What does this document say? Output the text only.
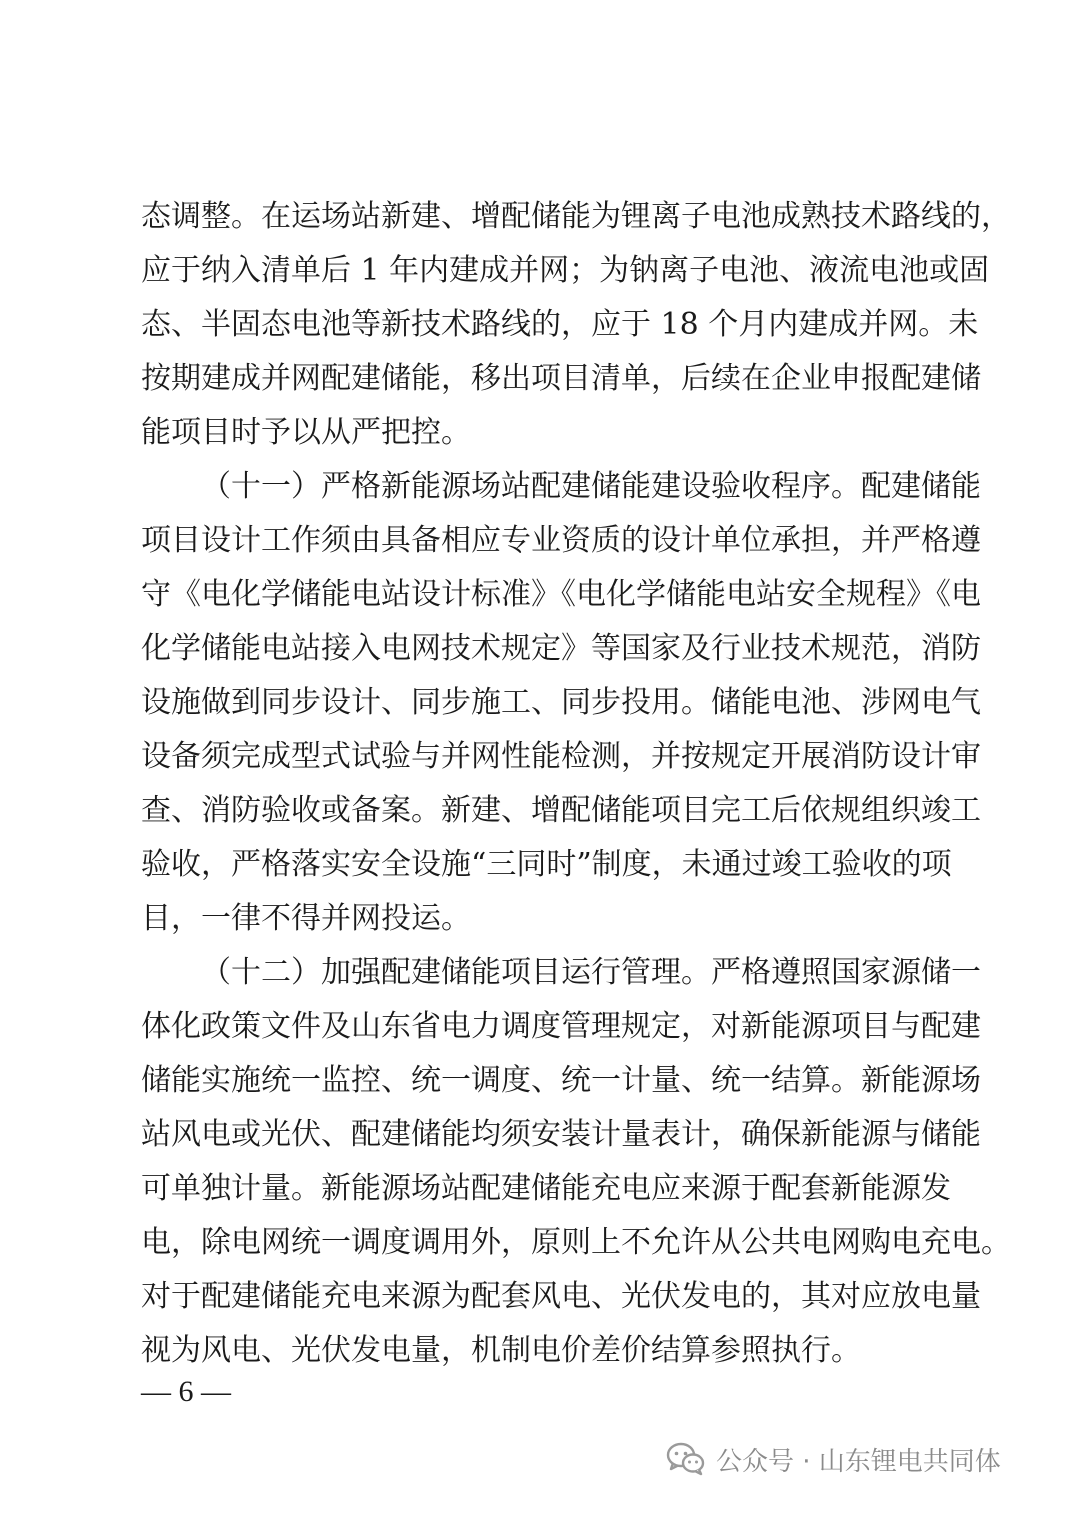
态调整。在运场站新建、增配储能为锂离子电池成熟技术路线的，
应于纳入清单后 1 年内建成并网；为钠离子电池、液流电池或固
态、半固态电池等新技术路线的，应于 18 个月内建成并网。未
按期建成并网配建储能，移出项目清单，后续在企业申报配建储
能项目时予以从严把控。
（十一）严格新能源场站配建储能建设验收程序。配建储能
项目设计工作须由具备相应专业资质的设计单位承担，并严格遵
守《电化学储能电站设计标准》《电化学储能电站安全规程》《电
化学储能电站接入电网技术规定》等国家及行业技术规范，消防
设施做到同步设计、同步施工、同步投用。储能电池、涉网电气
设备须完成型式试验与并网性能检测，并按规定开展消防设计审
查、消防验收或备案。新建、增配储能项目完工后依规组织竣工
验收，严格落实安全设施“三同时”制度，未通过竣工验收的项
目，一律不得并网投运。
（十二）加强配建储能项目运行管理。严格遵照国家源储一
体化政策文件及山东省电力调度管理规定，对新能源项目与配建
储能实施统一监控、统一调度、统一计量、统一结算。新能源场
站风电或光伏、配建储能均须安装计量表计，确保新能源与储能
可单独计量。新能源场站配建储能充电应来源于配套新能源发
电，除电网统一调度调用外，原则上不允许从公共电网购电充电。
对于配建储能充电来源为配套风电、光伏发电的，其对应放电量
视为风电、光伏发电量，机制电价差价结算参照执行。
— 6 —
公众号 · 山东锂电共同体
